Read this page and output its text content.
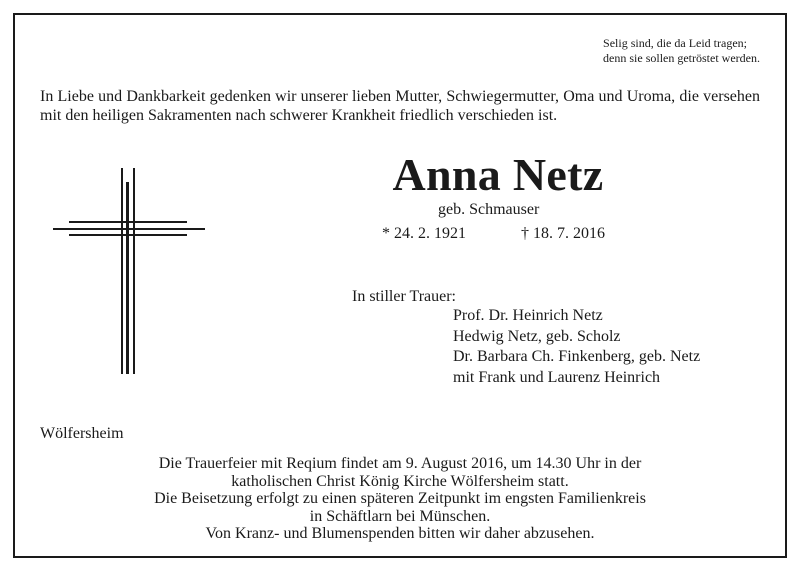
Selig sind, die da Leid tragen;
denn sie sollen getröstet werden.
In Liebe und Dankbarkeit gedenken wir unserer lieben Mutter, Schwiegermutter, Oma und Uroma, die versehen mit den heiligen Sakramenten nach schwerer Krankheit friedlich verschieden ist.
Anna Netz
geb. Schmauser
* 24. 2. 1921	† 18. 7. 2016
In stiller Trauer:
Prof. Dr. Heinrich Netz
Hedwig Netz, geb. Scholz
Dr. Barbara Ch. Finkenberg, geb. Netz
mit Frank und Laurenz Heinrich
Wölfersheim
Die Trauerfeier mit Reqium findet am 9. August 2016, um 14.30 Uhr in der
katholischen Christ König Kirche Wölfersheim statt.
Die Beisetzung erfolgt zu einen späteren Zeitpunkt im engsten Familienkreis
in Schäftlarn bei Münschen.
Von Kranz- und Blumenspenden bitten wir daher abzusehen.
